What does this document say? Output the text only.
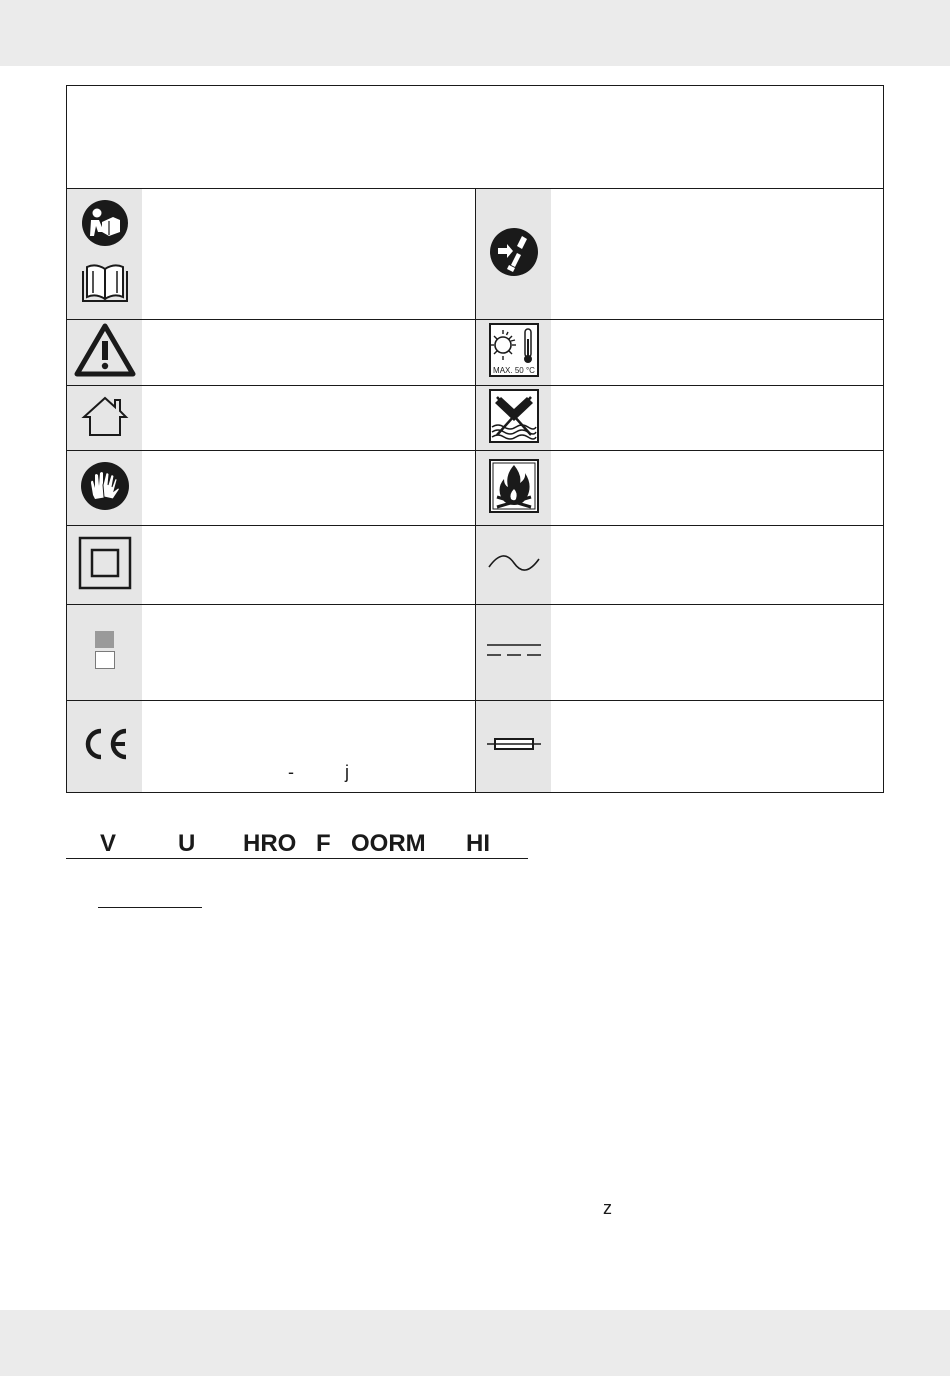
MAX. 50 °C
-	j
V	U HRO F OORM HI
z
